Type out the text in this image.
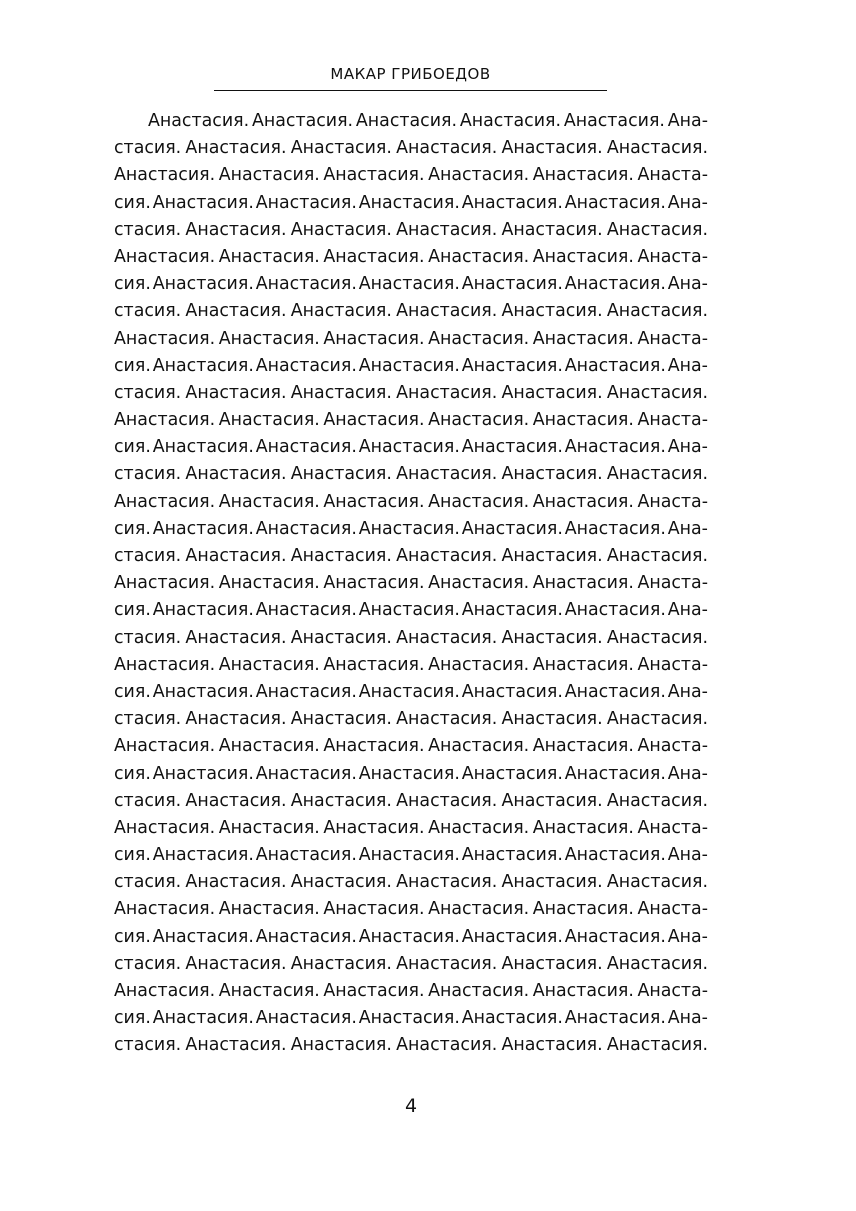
МАКАР ГРИБОЕДОВ
Анастасия. Анастасия. Анастасия. Анастасия. Анастасия. Ана-
стасия. Анастасия. Анастасия. Анастасия. Анастасия. Анастасия.
Анастасия. Анастасия. Анастасия. Анастасия. Анастасия. Анаста-
сия. Анастасия. Анастасия. Анастасия. Анастасия. Анастасия. Ана-
стасия. Анастасия. Анастасия. Анастасия. Анастасия. Анастасия.
Анастасия. Анастасия. Анастасия. Анастасия. Анастасия. Анаста-
сия. Анастасия. Анастасия. Анастасия. Анастасия. Анастасия. Ана-
стасия. Анастасия. Анастасия. Анастасия. Анастасия. Анастасия.
Анастасия. Анастасия. Анастасия. Анастасия. Анастасия. Анаста-
сия. Анастасия. Анастасия. Анастасия. Анастасия. Анастасия. Ана-
стасия. Анастасия. Анастасия. Анастасия. Анастасия. Анастасия.
Анастасия. Анастасия. Анастасия. Анастасия. Анастасия. Анаста-
сия. Анастасия. Анастасия. Анастасия. Анастасия. Анастасия. Ана-
стасия. Анастасия. Анастасия. Анастасия. Анастасия. Анастасия.
Анастасия. Анастасия. Анастасия. Анастасия. Анастасия. Анаста-
сия. Анастасия. Анастасия. Анастасия. Анастасия. Анастасия. Ана-
стасия. Анастасия. Анастасия. Анастасия. Анастасия. Анастасия.
Анастасия. Анастасия. Анастасия. Анастасия. Анастасия. Анаста-
сия. Анастасия. Анастасия. Анастасия. Анастасия. Анастасия. Ана-
стасия. Анастасия. Анастасия. Анастасия. Анастасия. Анастасия.
Анастасия. Анастасия. Анастасия. Анастасия. Анастасия. Анаста-
сия. Анастасия. Анастасия. Анастасия. Анастасия. Анастасия. Ана-
стасия. Анастасия. Анастасия. Анастасия. Анастасия. Анастасия.
Анастасия. Анастасия. Анастасия. Анастасия. Анастасия. Анаста-
сия. Анастасия. Анастасия. Анастасия. Анастасия. Анастасия. Ана-
стасия. Анастасия. Анастасия. Анастасия. Анастасия. Анастасия.
Анастасия. Анастасия. Анастасия. Анастасия. Анастасия. Анаста-
сия. Анастасия. Анастасия. Анастасия. Анастасия. Анастасия. Ана-
стасия. Анастасия. Анастасия. Анастасия. Анастасия. Анастасия.
Анастасия. Анастасия. Анастасия. Анастасия. Анастасия. Анаста-
сия. Анастасия. Анастасия. Анастасия. Анастасия. Анастасия. Ана-
стасия. Анастасия. Анастасия. Анастасия. Анастасия. Анастасия.
Анастасия. Анастасия. Анастасия. Анастасия. Анастасия. Анаста-
сия. Анастасия. Анастасия. Анастасия. Анастасия. Анастасия. Ана-
стасия. Анастасия. Анастасия. Анастасия. Анастасия. Анастасия.
4
